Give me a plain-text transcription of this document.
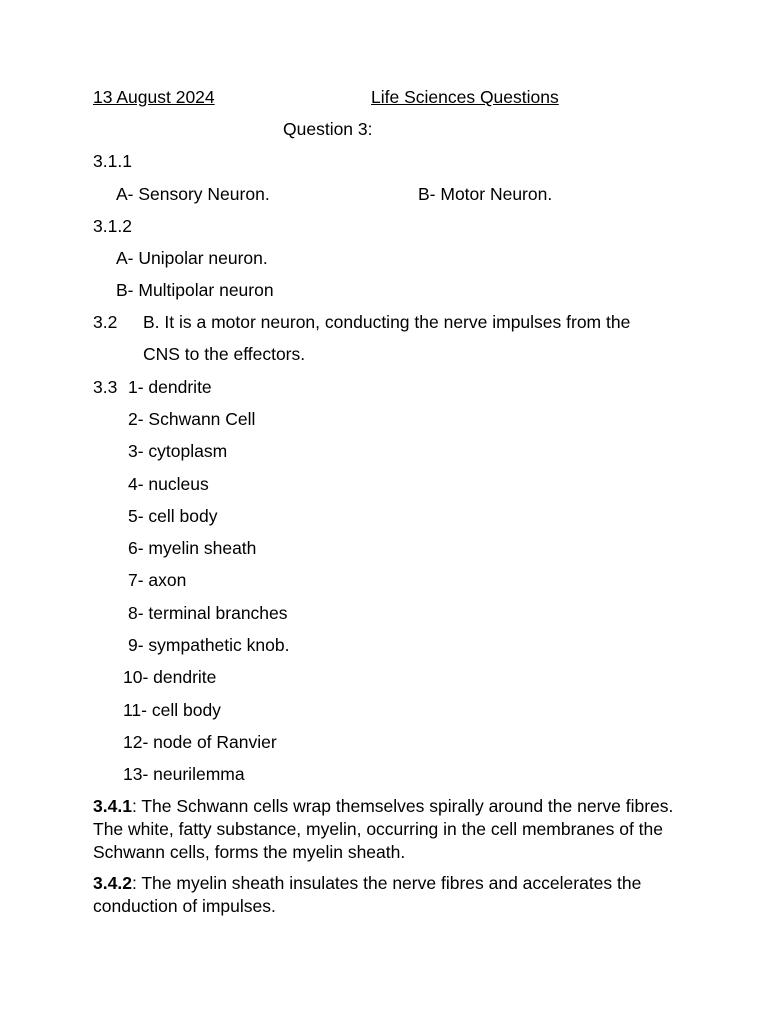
13 August 2024	Life Sciences Questions
Question 3:
3.1.1
A- Sensory Neuron.	B- Motor Neuron.
3.1.2
A- Unipolar neuron.
B- Multipolar neuron
3.2 B. It is a motor neuron, conducting the nerve impulses from the
CNS to the effectors.
3.3 1- dendrite
2- Schwann Cell
3- cytoplasm
4- nucleus
5- cell body
6- myelin sheath
7- axon
8- terminal branches
9- sympathetic knob.
10- dendrite
11- cell body
12- node of Ranvier
13- neurilemma
3.4.1: The Schwann cells wrap themselves spirally around the nerve fibres. The white, fatty substance, myelin, occurring in the cell membranes of the Schwann cells, forms the myelin sheath.
3.4.2: The myelin sheath insulates the nerve fibres and accelerates the conduction of impulses.
